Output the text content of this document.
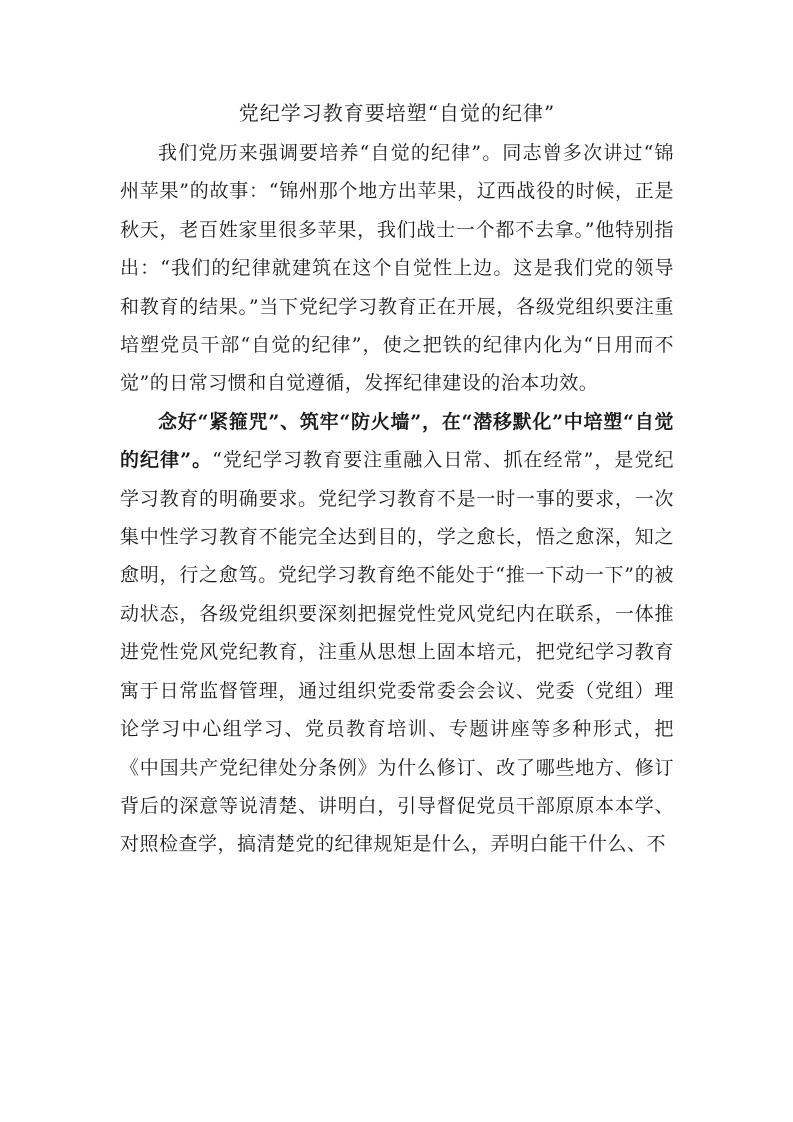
党纪学习教育要培塑“自觉的纪律”

我们党历来强调要培养“自觉的纪律”。同志曾多次讲过“锦州苹果”的故事：“锦州那个地方出苹果，辽西战役的时候，正是秋天，老百姓家里很多苹果，我们战士一个都不去拿。”他特别指出：“我们的纪律就建筑在这个自觉性上边。这是我们党的领导和教育的结果。”当下党纪学习教育正在开展，各级党组织要注重培塑党员干部“自觉的纪律”，使之把铁的纪律内化为“日用而不觉”的日常习惯和自觉遵循，发挥纪律建设的治本功效。

念好“紧箍咒”、筑牢“防火墙”，在“潜移默化”中培塑“自觉的纪律”。“党纪学习教育要注重融入日常、抓在经常”，是党纪学习教育的明确要求。党纪学习教育不是一时一事的要求，一次集中性学习教育不能完全达到目的，学之愈长，悟之愈深，知之愈明，行之愈笃。党纪学习教育绝不能处于“推一下动一下”的被动状态，各级党组织要深刻把握党性党风党纪内在联系，一体推进党性党风党纪教育，注重从思想上固本培元，把党纪学习教育寓于日常监督管理，通过组织党委常委会会议、党委（党组）理论学习中心组学习、党员教育培训、专题讲座等多种形式，把《中国共产党纪律处分条例》为什么修订、改了哪些地方、修订背后的深意等说清楚、讲明白，引导督促党员干部原原本本学、对照检查学，搞清楚党的纪律规矩是什么，弄明白能干什么、不
